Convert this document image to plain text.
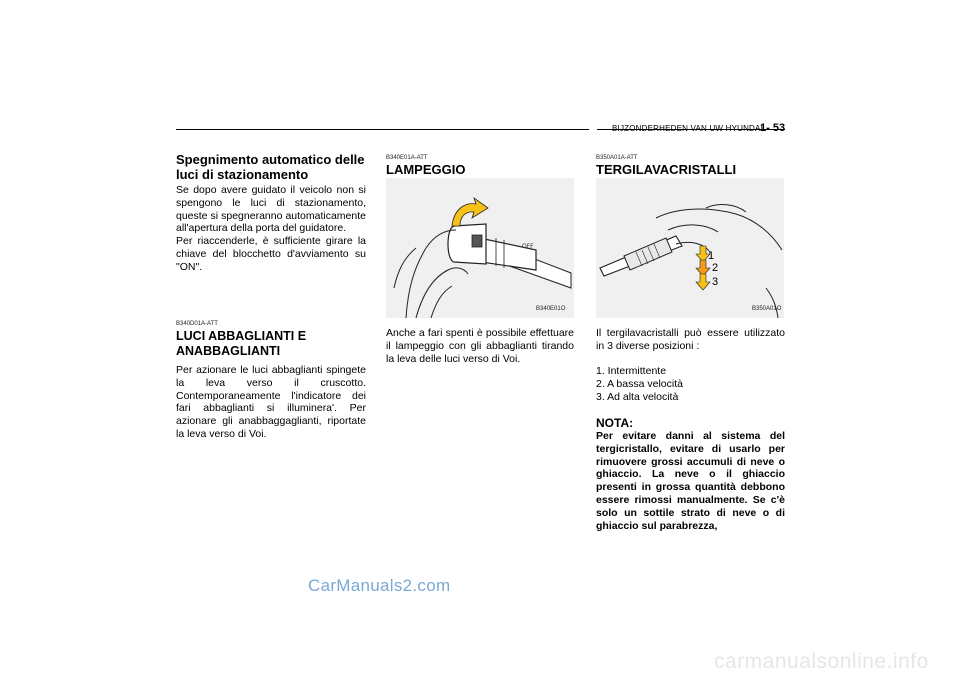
BIJZONDERHEDEN VAN UW HYUNDAI
1- 53
Spegnimento automatico delle luci di stazionamento

Se dopo avere guidato il veicolo non si spengono le luci di stazionamento, queste si spegneranno automaticamente all'apertura della porta del guidatore.

Per riaccenderle, è sufficiente girare la chiave del blocchetto d'avviamento su "ON".

B340D01A-ATT
LUCI ABBAGLIANTI E ANABBAGLIANTI

Per azionare le luci abbaglianti spingete la leva verso il cruscotto. Contemporaneamente l'indicatore dei fari abbaglianti si illuminera'. Per azionare gli anabbaggaglianti, riportate la leva verso di Voi.

B340E01A-ATT
LAMPEGGIO
OFF
B340E01O

Anche a fari spenti è possibile effettuare il lampeggio con gli abbaglianti tirando la leva delle luci verso di Voi.

B350A01A-ATT
TERGILAVACRISTALLI
1
2
3
B350A01O

Il tergilavacristalli può essere utilizzato in 3 diverse posizioni :

1. Intermittente
2. A bassa velocità
3. Ad alta velocità
NOTA:
Per evitare danni al sistema del tergicristallo, evitare di usarlo per rimuovere grossi accumuli di neve o ghiaccio. La neve o il ghiaccio presenti in grossa quantità debbono essere rimossi manualmente. Se c'è solo un sottile strato di neve o di ghiaccio sul parabrezza,
CarManuals2.com
carmanualsonline.info
